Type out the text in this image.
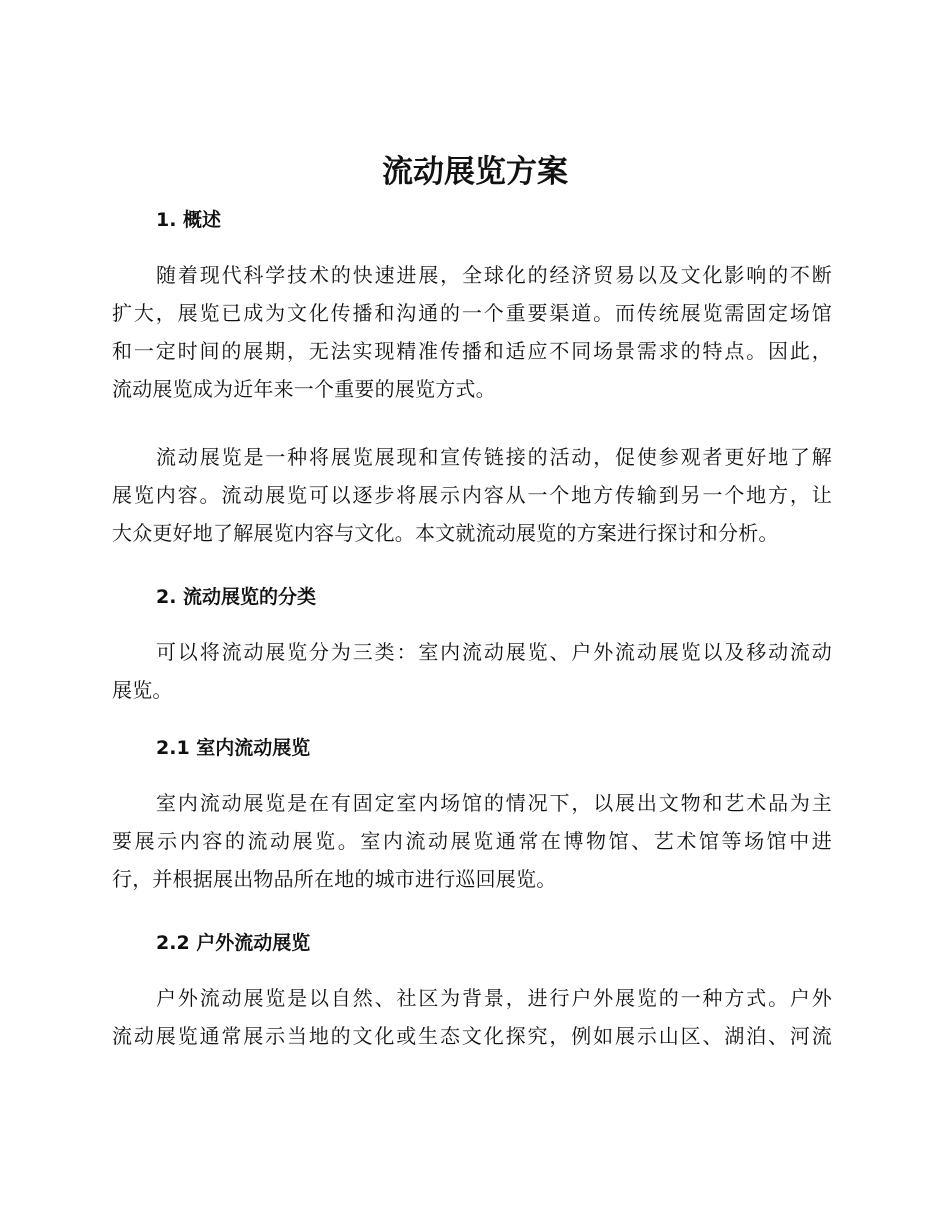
流动展览方案
1. 概述
随着现代科学技术的快速进展，全球化的经济贸易以及文化影响的不断
扩大，展览已成为文化传播和沟通的一个重要渠道。而传统展览需固定场馆
和一定时间的展期，无法实现精准传播和适应不同场景需求的特点。因此，
流动展览成为近年来一个重要的展览方式。
流动展览是一种将展览展现和宣传链接的活动，促使参观者更好地了解
展览内容。流动展览可以逐步将展示内容从一个地方传输到另一个地方，让
大众更好地了解展览内容与文化。本文就流动展览的方案进行探讨和分析。
2. 流动展览的分类
可以将流动展览分为三类：室内流动展览、户外流动展览以及移动流动
展览。
2.1 室内流动展览
室内流动展览是在有固定室内场馆的情况下，以展出文物和艺术品为主
要展示内容的流动展览。室内流动展览通常在博物馆、艺术馆等场馆中进
行，并根据展出物品所在地的城市进行巡回展览。
2.2 户外流动展览
户外流动展览是以自然、社区为背景，进行户外展览的一种方式。户外
流动展览通常展示当地的文化或生态文化探究，例如展示山区、湖泊、河流
